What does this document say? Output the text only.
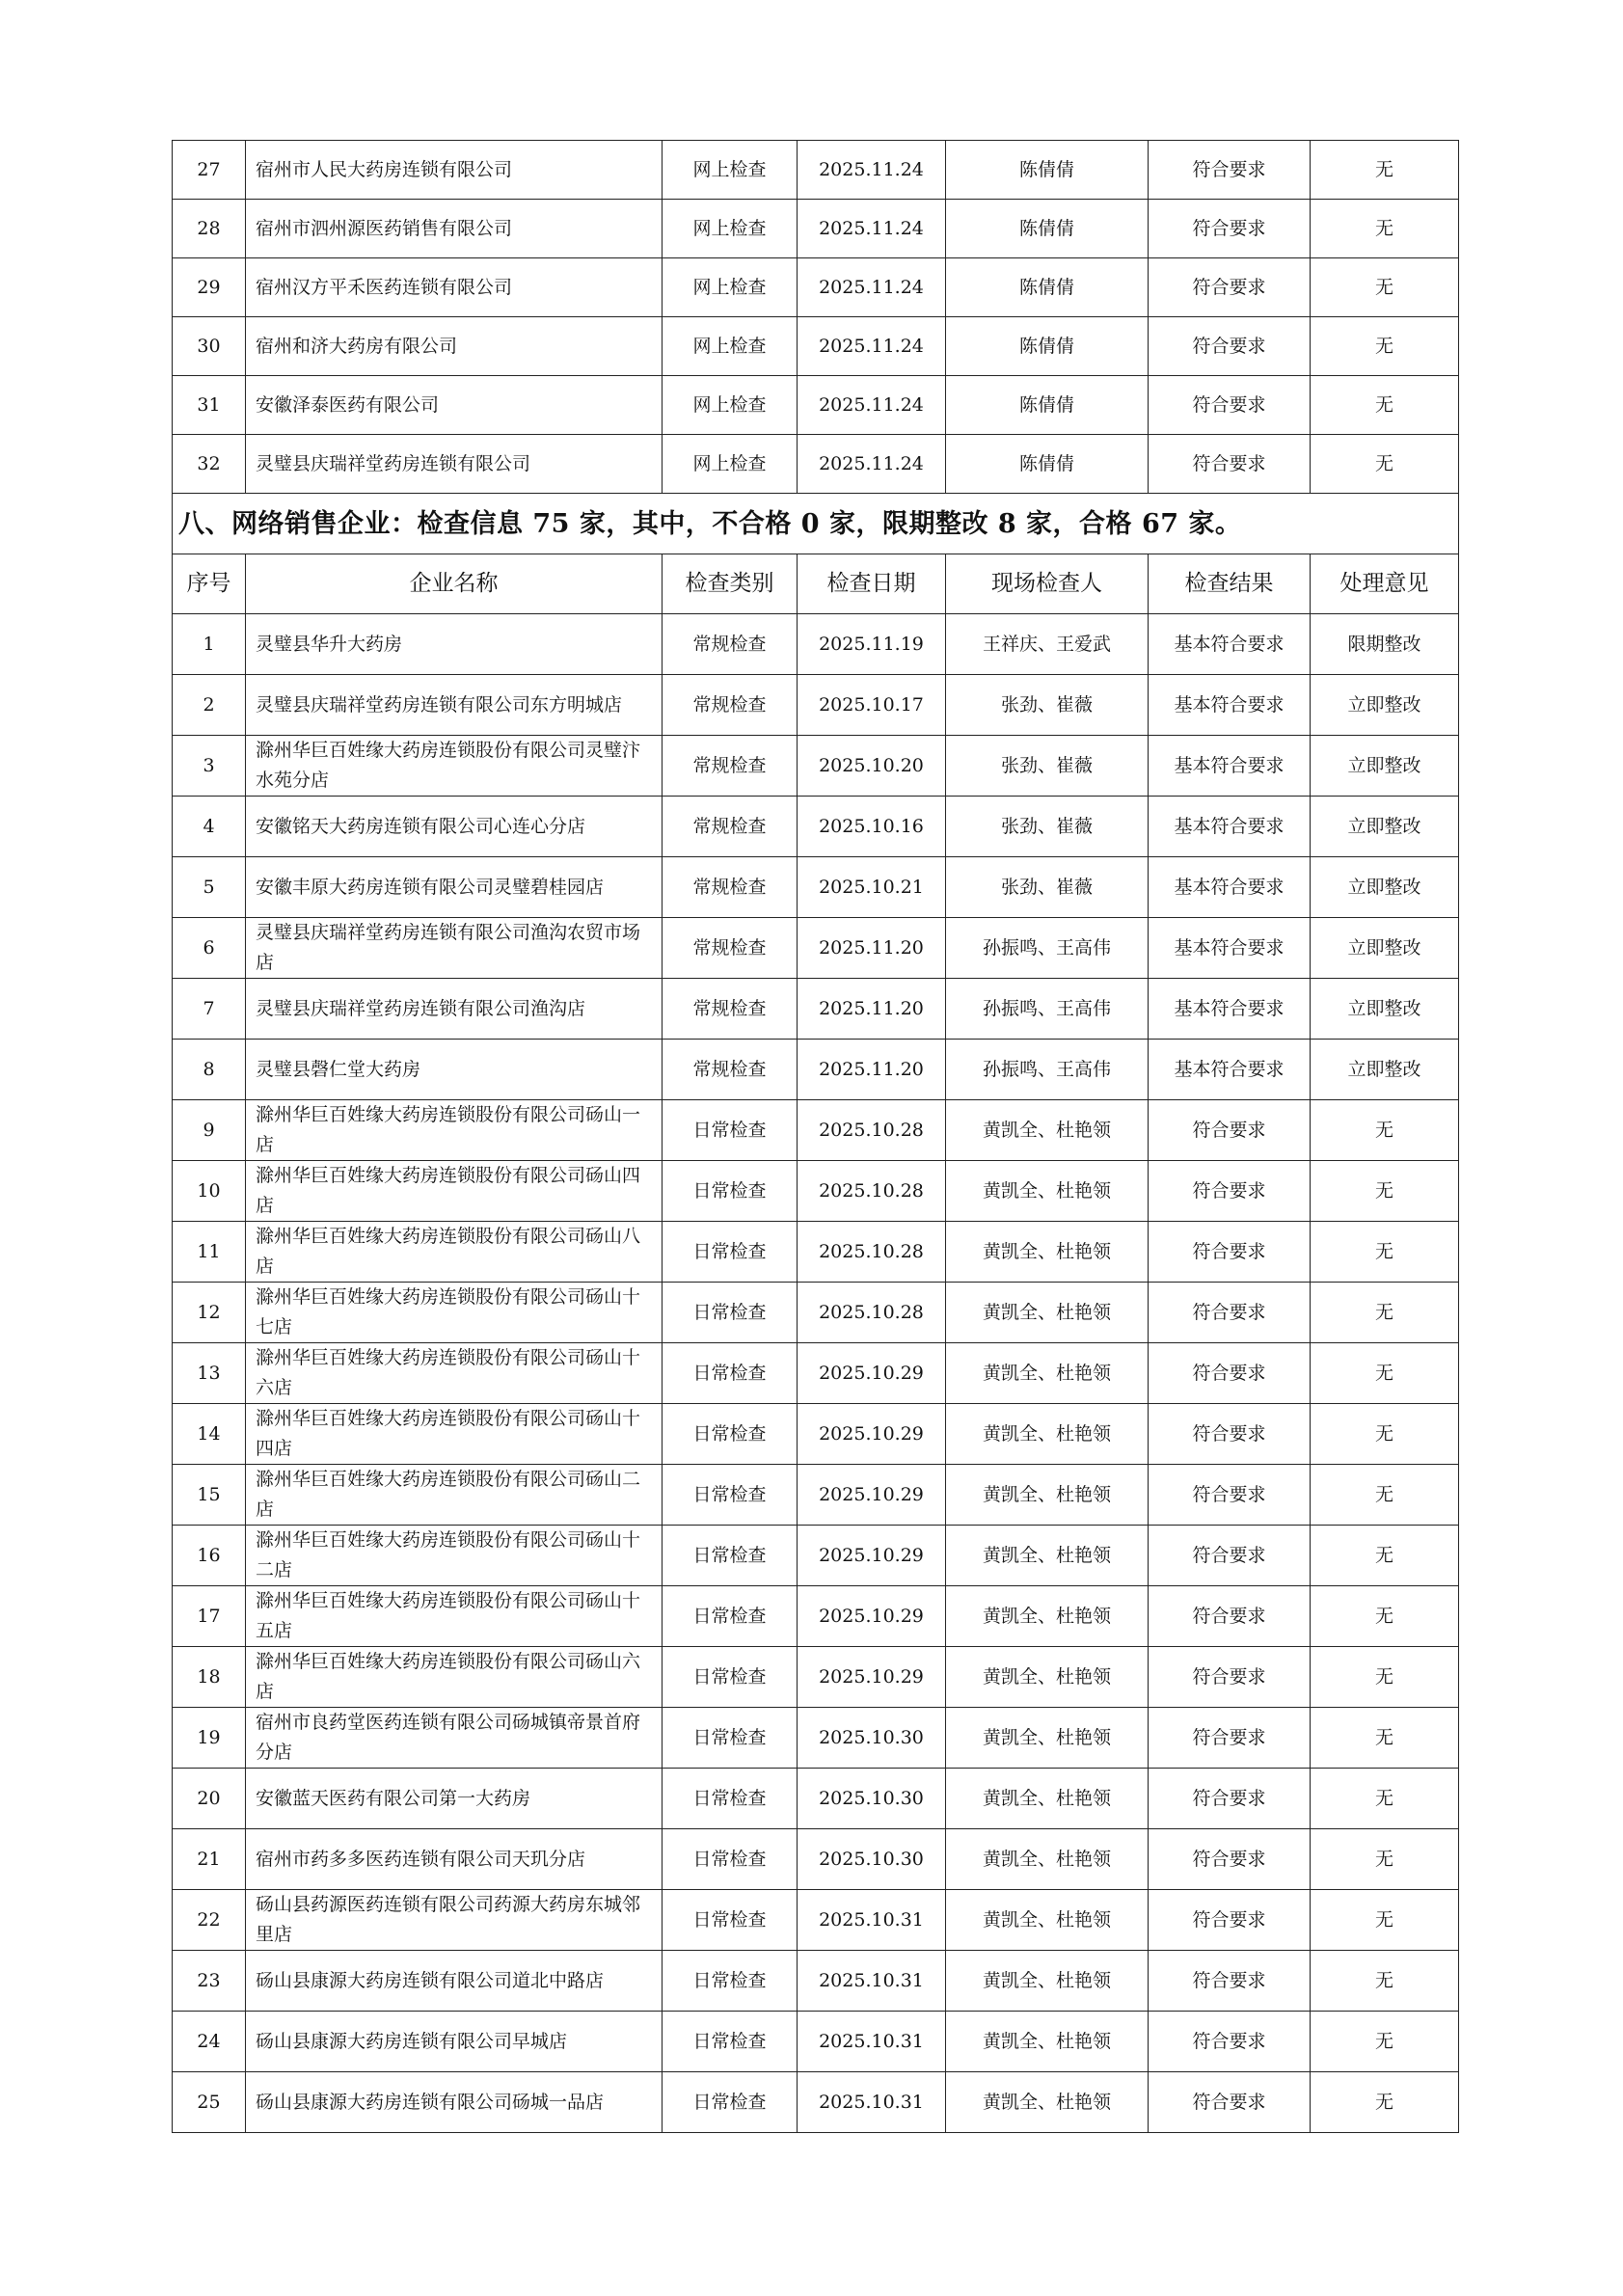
27	宿州市人民大药房连锁有限公司	网上检查	2025.11.24	陈倩倩	符合要求	无
28	宿州市泗州源医药销售有限公司	网上检查	2025.11.24	陈倩倩	符合要求	无
29	宿州汉方平禾医药连锁有限公司	网上检查	2025.11.24	陈倩倩	符合要求	无
30	宿州和济大药房有限公司	网上检查	2025.11.24	陈倩倩	符合要求	无
31	安徽泽泰医药有限公司	网上检查	2025.11.24	陈倩倩	符合要求	无
32	灵璧县庆瑞祥堂药房连锁有限公司	网上检查	2025.11.24	陈倩倩	符合要求	无
八、网络销售企业：检查信息 75 家，其中，不合格 0 家，限期整改 8 家，合格 67 家。						
序号	企业名称	检查类别	检查日期	现场检查人	检查结果	处理意见
1	灵璧县华升大药房	常规检查	2025.11.19	王祥庆、王爱武	基本符合要求	限期整改
2	灵璧县庆瑞祥堂药房连锁有限公司东方明城店	常规检查	2025.10.17	张劲、崔薇	基本符合要求	立即整改
3	滁州华巨百姓缘大药房连锁股份有限公司灵璧汴水苑分店	常规检查	2025.10.20	张劲、崔薇	基本符合要求	立即整改
4	安徽铭天大药房连锁有限公司心连心分店	常规检查	2025.10.16	张劲、崔薇	基本符合要求	立即整改
5	安徽丰原大药房连锁有限公司灵璧碧桂园店	常规检查	2025.10.21	张劲、崔薇	基本符合要求	立即整改
6	灵璧县庆瑞祥堂药房连锁有限公司渔沟农贸市场店	常规检查	2025.11.20	孙振鸣、王高伟	基本符合要求	立即整改
7	灵璧县庆瑞祥堂药房连锁有限公司渔沟店	常规检查	2025.11.20	孙振鸣、王高伟	基本符合要求	立即整改
8	灵璧县磬仁堂大药房	常规检查	2025.11.20	孙振鸣、王高伟	基本符合要求	立即整改
9	滁州华巨百姓缘大药房连锁股份有限公司砀山一店	日常检查	2025.10.28	黄凯全、杜艳领	符合要求	无
10	滁州华巨百姓缘大药房连锁股份有限公司砀山四店	日常检查	2025.10.28	黄凯全、杜艳领	符合要求	无
11	滁州华巨百姓缘大药房连锁股份有限公司砀山八店	日常检查	2025.10.28	黄凯全、杜艳领	符合要求	无
12	滁州华巨百姓缘大药房连锁股份有限公司砀山十七店	日常检查	2025.10.28	黄凯全、杜艳领	符合要求	无
13	滁州华巨百姓缘大药房连锁股份有限公司砀山十六店	日常检查	2025.10.29	黄凯全、杜艳领	符合要求	无
14	滁州华巨百姓缘大药房连锁股份有限公司砀山十四店	日常检查	2025.10.29	黄凯全、杜艳领	符合要求	无
15	滁州华巨百姓缘大药房连锁股份有限公司砀山二店	日常检查	2025.10.29	黄凯全、杜艳领	符合要求	无
16	滁州华巨百姓缘大药房连锁股份有限公司砀山十二店	日常检查	2025.10.29	黄凯全、杜艳领	符合要求	无
17	滁州华巨百姓缘大药房连锁股份有限公司砀山十五店	日常检查	2025.10.29	黄凯全、杜艳领	符合要求	无
18	滁州华巨百姓缘大药房连锁股份有限公司砀山六店	日常检查	2025.10.29	黄凯全、杜艳领	符合要求	无
19	宿州市良药堂医药连锁有限公司砀城镇帝景首府分店	日常检查	2025.10.30	黄凯全、杜艳领	符合要求	无
20	安徽蓝天医药有限公司第一大药房	日常检查	2025.10.30	黄凯全、杜艳领	符合要求	无
21	宿州市药多多医药连锁有限公司天玑分店	日常检查	2025.10.30	黄凯全、杜艳领	符合要求	无
22	砀山县药源医药连锁有限公司药源大药房东城邻里店	日常检查	2025.10.31	黄凯全、杜艳领	符合要求	无
23	砀山县康源大药房连锁有限公司道北中路店	日常检查	2025.10.31	黄凯全、杜艳领	符合要求	无
24	砀山县康源大药房连锁有限公司早城店	日常检查	2025.10.31	黄凯全、杜艳领	符合要求	无
25	砀山县康源大药房连锁有限公司砀城一品店	日常检查	2025.10.31	黄凯全、杜艳领	符合要求	无
